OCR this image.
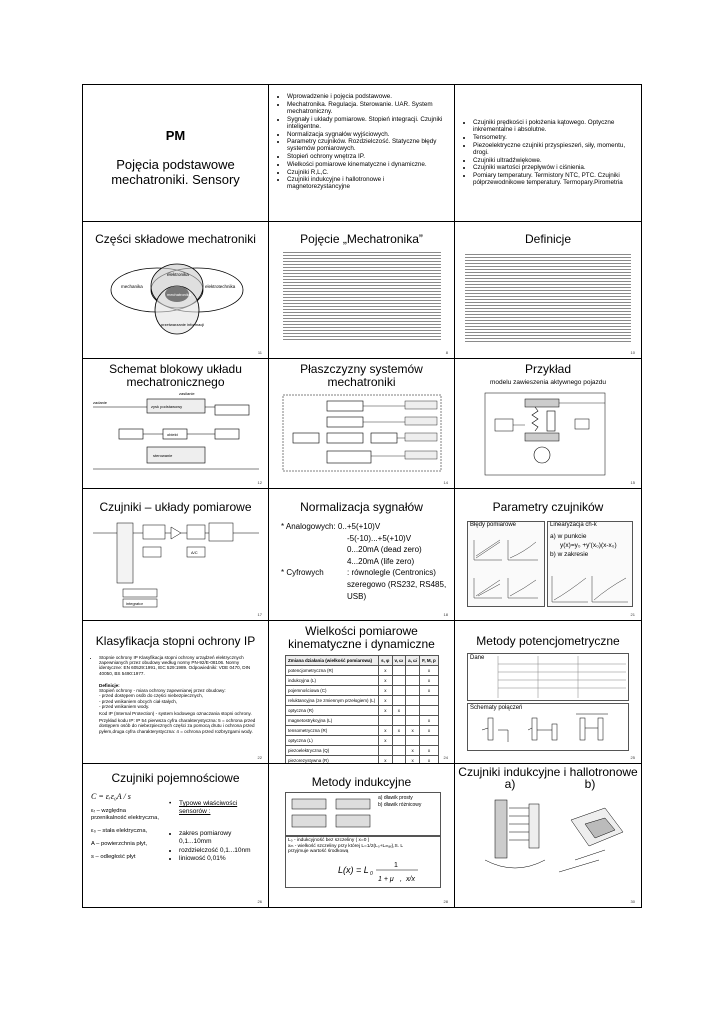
PM
Pojęcia podstawowe mechatroniki. Sensory
• Wprowadzenie i pojęcia podstawowe.
• Mechatronika. Regulacja. Sterowanie. UAR. System mechatroniczny.
• Sygnały i układy pomiarowe. Stopień integracji. Czujniki inteligentne.
• Normalizacja sygnałów wyjściowych.
• Parametry czujników. Rozdzielczość. Statyczne błędy systemów pomiarowych.
• Stopień ochrony wnętrza IP.
• Wielkości pomiarowe kinematyczne i dynamiczne.
• Czujniki R,L,C.
• Czujniki indukcyjne i hallotronowe i magnetorezystancyjne
• Czujniki prędkości i położenia kątowego. Optyczne inkrementalne i absolutne.
• Tensometry.
• Piezoelektryczne czujniki przyspieszeń, siły, momentu, drogi.
• Czujniki ultradźwiękowe.
• Czujniki wartości przepływów i ciśnienia.
• Pomiary temperatury. Termistory NTC, PTC. Czujniki półprzewodnikowe temperatury. Termopary.Pirometria
Części składowe mechatroniki
mechanika	elektrotechnika
elektronika
przetwarzanie informacji
mechatronika
11
Pojęcie „Mechatronika”
8
Definicje
10
Schemat blokowy układu mechatronicznego
zadanie
zysk podstawowy
obiekt
zasilanie
sterowanie
12
Płaszczyzny systemów mechatroniki
14
Przykład
modelu zawieszenia aktywnego pojazdu
15
Czujniki – układy pomiarowe
A/C
integrator
17
Normalizacja sygnałów
* Analogowych: 0..+5(+10)V
-5(-10)...+5(+10)V
0...20mA (dead zero)
4...20mA (life zero)
* Cyfrowych	: równolegle (Centronics)
szeregowo (RS232, RS485,
USB)
18
Parametry czujników
Błędy pomiarowe	Linearyzacja ch-k
a) w punkcie
y(x)=y₀ +y'(x₀)(x-x₀)
b) w zakresie
21
Klasyfikacja stopni ochrony IP
• Stopnie ochrony IP Klasyfikacja stopni ochrony urządzeń elektrycznych zapewnianych przez obudowy według normy PN-92/E-08106. Normy identyczne: EN 60529:1991, IEC 529:1989. Odpowiedniki: VDE 0470, DIN 40050, BS 5490:1977.
Definicje:
Stopień ochrony - miara ochrony zapewnianej przez obudowy:
- przed dostępem osób do części niebezpiecznych,
- przed wnikaniem obcych ciał stałych,
- przed wnikaniem wody.
Kod IP (Internal Protection) - system kodowego oznaczania stopni ochrony.
Przykład kodu IP: IP 54 pierwsza cyfra charakterystyczna: 5 = ochrona przed dostępem osób do niebezpiecznych części za pomocą drutu i ochrona przed pyłem,druga cyfra charakterystyczna: 4 = ochrona przed rozbryzgami wody.
22
Wielkości pomiarowe kinematyczne i dynamiczne
Zmiana działania (wielkość pomiarowa)	s, φ	v, ω	a, ω̇	F, M, p
potencjometryczna (R)	x			x
indukcyjna (L)	x			x
pojemnościowa (C)	x			x
reluktancyjna (ze zmiennym przełogiem) (L)	x			
optyczna (R)	x	x		
magnetostrykcyjna (L)				x
tensometryczna (R)	x	x	x	x
optyczna (L)	x			
piezoelektryczna (Q)			x	x
piezorezystywna (R)	x		x	x
24
Metody potencjometryczne
Dane
Schematy połączeń
25
Czujniki pojemnościowe
C = εᵣε₀A / s
εᵣ – względna przenikalność elektryczna,
ε₀ – stała elektryczna,
A – powierzchnia płyt,
s – odległość płyt
• Typowe właściwości sensorów :
• zakres pomiarowy 0,1...10mm
• rozdzielczość 0,1...10nm
• liniowość 0,01%
26
Metody indukcyjne
a) dławik prosty
b) dławik różnicowy
L₀ - indukcyjność bez szczeliny ( x=0 )
xₘ - wielkość szczeliny przy której L=1/2(L₀+Lₘₐₓ),S. L przyjmuje wartość środkową
L(x) = L 0
1
1 + μ r x/x
28
Czujniki indukcyjne i hallotronowe
a)	b)
30
